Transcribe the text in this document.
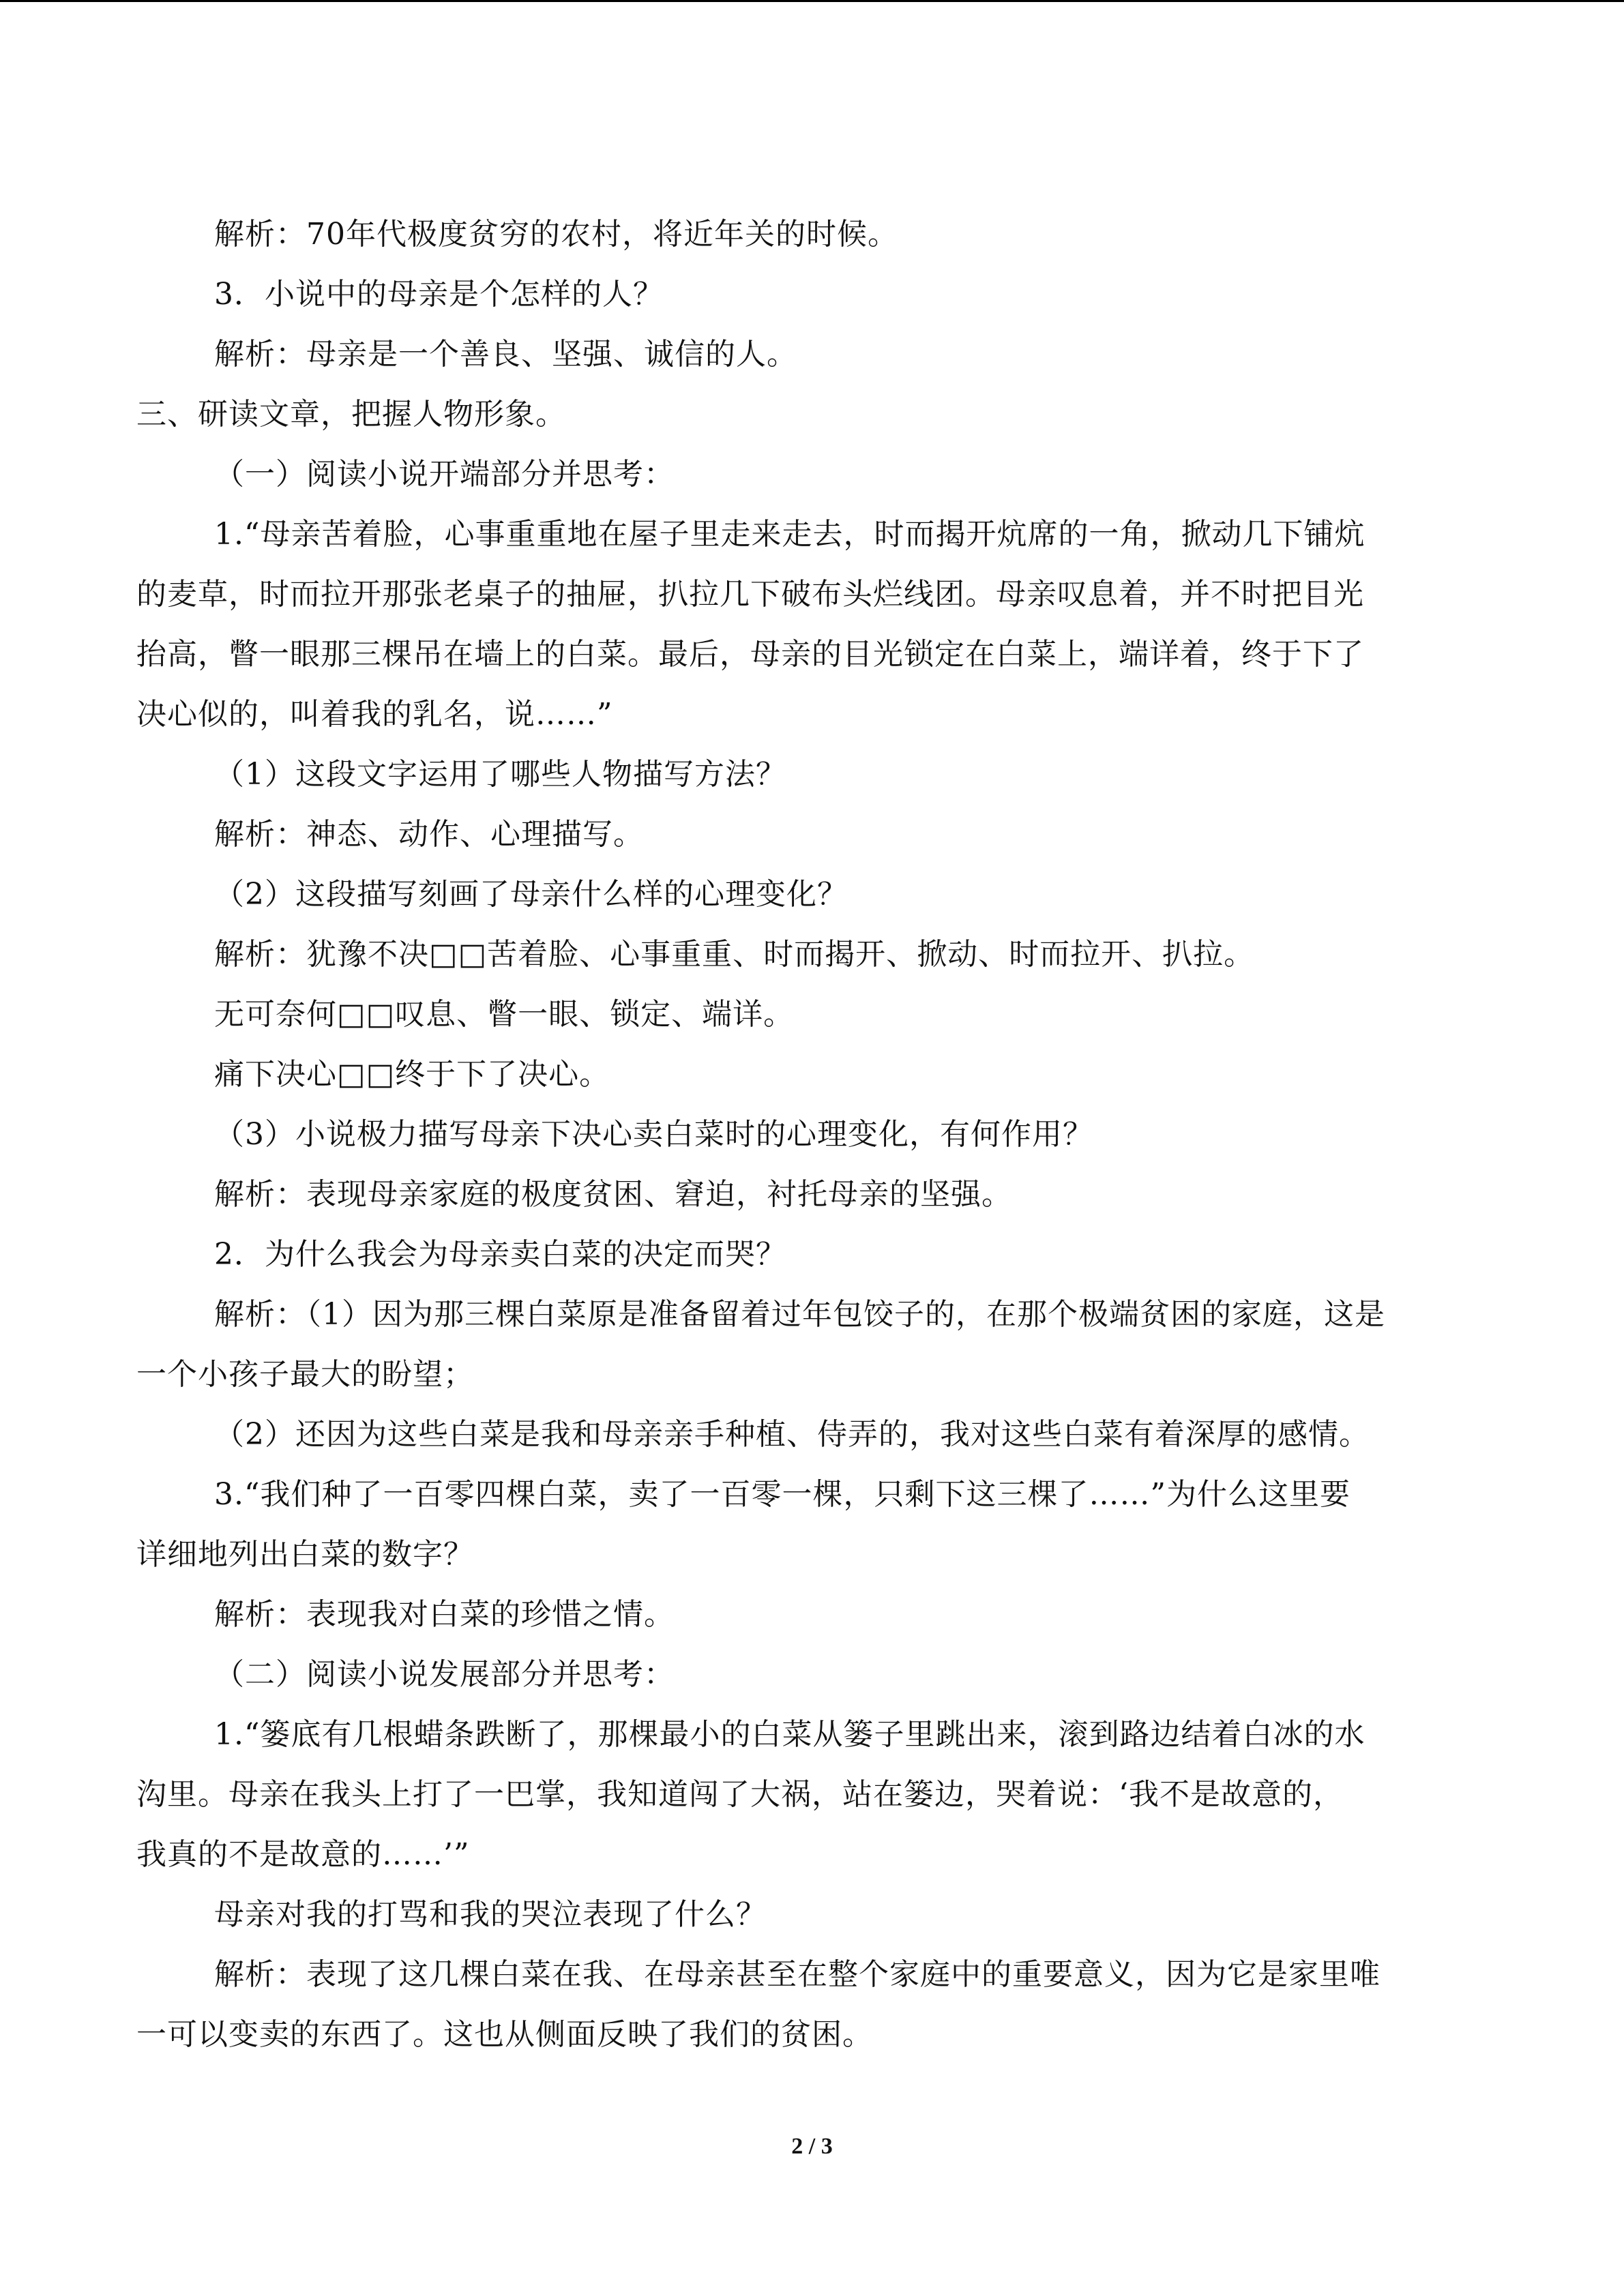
解析：70年代极度贫穷的农村，将近年关的时候。
3．小说中的母亲是个怎样的人？
解析：母亲是一个善良、坚强、诚信的人。
三、研读文章，把握人物形象。
（一）阅读小说开端部分并思考：
1.“母亲苦着脸，心事重重地在屋子里走来走去，时而揭开炕席的一角，掀动几下铺炕
的麦草，时而拉开那张老桌子的抽屉，扒拉几下破布头烂线团。母亲叹息着，并不时把目光
抬高，瞥一眼那三棵吊在墙上的白菜。最后，母亲的目光锁定在白菜上，端详着，终于下了
决心似的，叫着我的乳名，说……”
（1）这段文字运用了哪些人物描写方法？
解析：神态、动作、心理描写。
（2）这段描写刻画了母亲什么样的心理变化？
解析：犹豫不决□□苦着脸、心事重重、时而揭开、掀动、时而拉开、扒拉。
无可奈何□□叹息、瞥一眼、锁定、端详。
痛下决心□□终于下了决心。
（3）小说极力描写母亲下决心卖白菜时的心理变化，有何作用？
解析：表现母亲家庭的极度贫困、窘迫，衬托母亲的坚强。
2．为什么我会为母亲卖白菜的决定而哭？
解析：（1）因为那三棵白菜原是准备留着过年包饺子的，在那个极端贫困的家庭，这是
一个小孩子最大的盼望；
（2）还因为这些白菜是我和母亲亲手种植、侍弄的，我对这些白菜有着深厚的感情。
3.“我们种了一百零四棵白菜，卖了一百零一棵，只剩下这三棵了……”为什么这里要
详细地列出白菜的数字？
解析：表现我对白菜的珍惜之情。
（二）阅读小说发展部分并思考：
1.“篓底有几根蜡条跌断了，那棵最小的白菜从篓子里跳出来，滚到路边结着白冰的水
沟里。母亲在我头上打了一巴掌，我知道闯了大祸，站在篓边，哭着说：‘我不是故意的，
我真的不是故意的……’”
母亲对我的打骂和我的哭泣表现了什么？
解析：表现了这几棵白菜在我、在母亲甚至在整个家庭中的重要意义，因为它是家里唯
一可以变卖的东西了。这也从侧面反映了我们的贫困。
2 / 3
